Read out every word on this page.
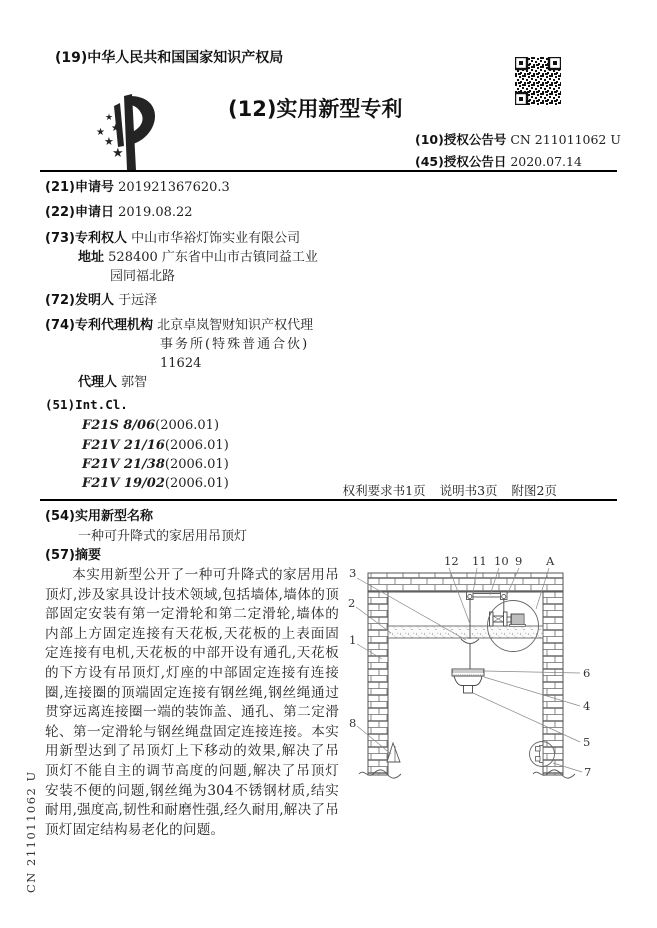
(19)中华人民共和国国家知识产权局
★
★
★
★
★
(12)实用新型专利
(10)授权公告号 CN 211011062 U
(45)授权公告日 2020.07.14
(21)申请号 201921367620.3
(22)申请日 2019.08.22
(73)专利权人 中山市华裕灯饰实业有限公司
地址 528400 广东省中山市古镇同益工业
园同福北路
(72)发明人 于远泽
(74)专利代理机构 北京卓岚智财知识产权代理
事务所(特殊普通合伙)
11624
代理人 郭智
(51)Int.Cl.
F21S 8/06(2006.01)
F21V 21/16(2006.01)
F21V 21/38(2006.01)
F21V 19/02(2006.01)	权利要求书1页 说明书3页 附图2页
(54)实用新型名称
一种可升降式的家居用吊顶灯
(57)摘要
本实用新型公开了一种可升降式的家居用吊顶灯,涉及家具设计技术领域,包括墙体,墙体的顶部固定安装有第一定滑轮和第二定滑轮,墙体的内部上方固定连接有天花板,天花板的上表面固定连接有电机,天花板的中部开设有通孔,天花板的下方设有吊顶灯,灯座的中部固定连接有连接圈,连接圈的顶端固定连接有钢丝绳,钢丝绳通过贯穿远离连接圈一端的装饰盖、通孔、第二定滑轮、第一定滑轮与钢丝绳盘固定连接连接。本实用新型达到了吊顶灯上下移动的效果,解决了吊顶灯不能自主的调节高度的问题,解决了吊顶灯安装不便的问题,钢丝绳为304不锈钢材质,结实耐用,强度高,韧性和耐磨性强,经久耐用,解决了吊顶灯固定结构易老化的问题。
12 11 10 9 A
3
2
1
8
6
4
5
7
CN 211011062 U
